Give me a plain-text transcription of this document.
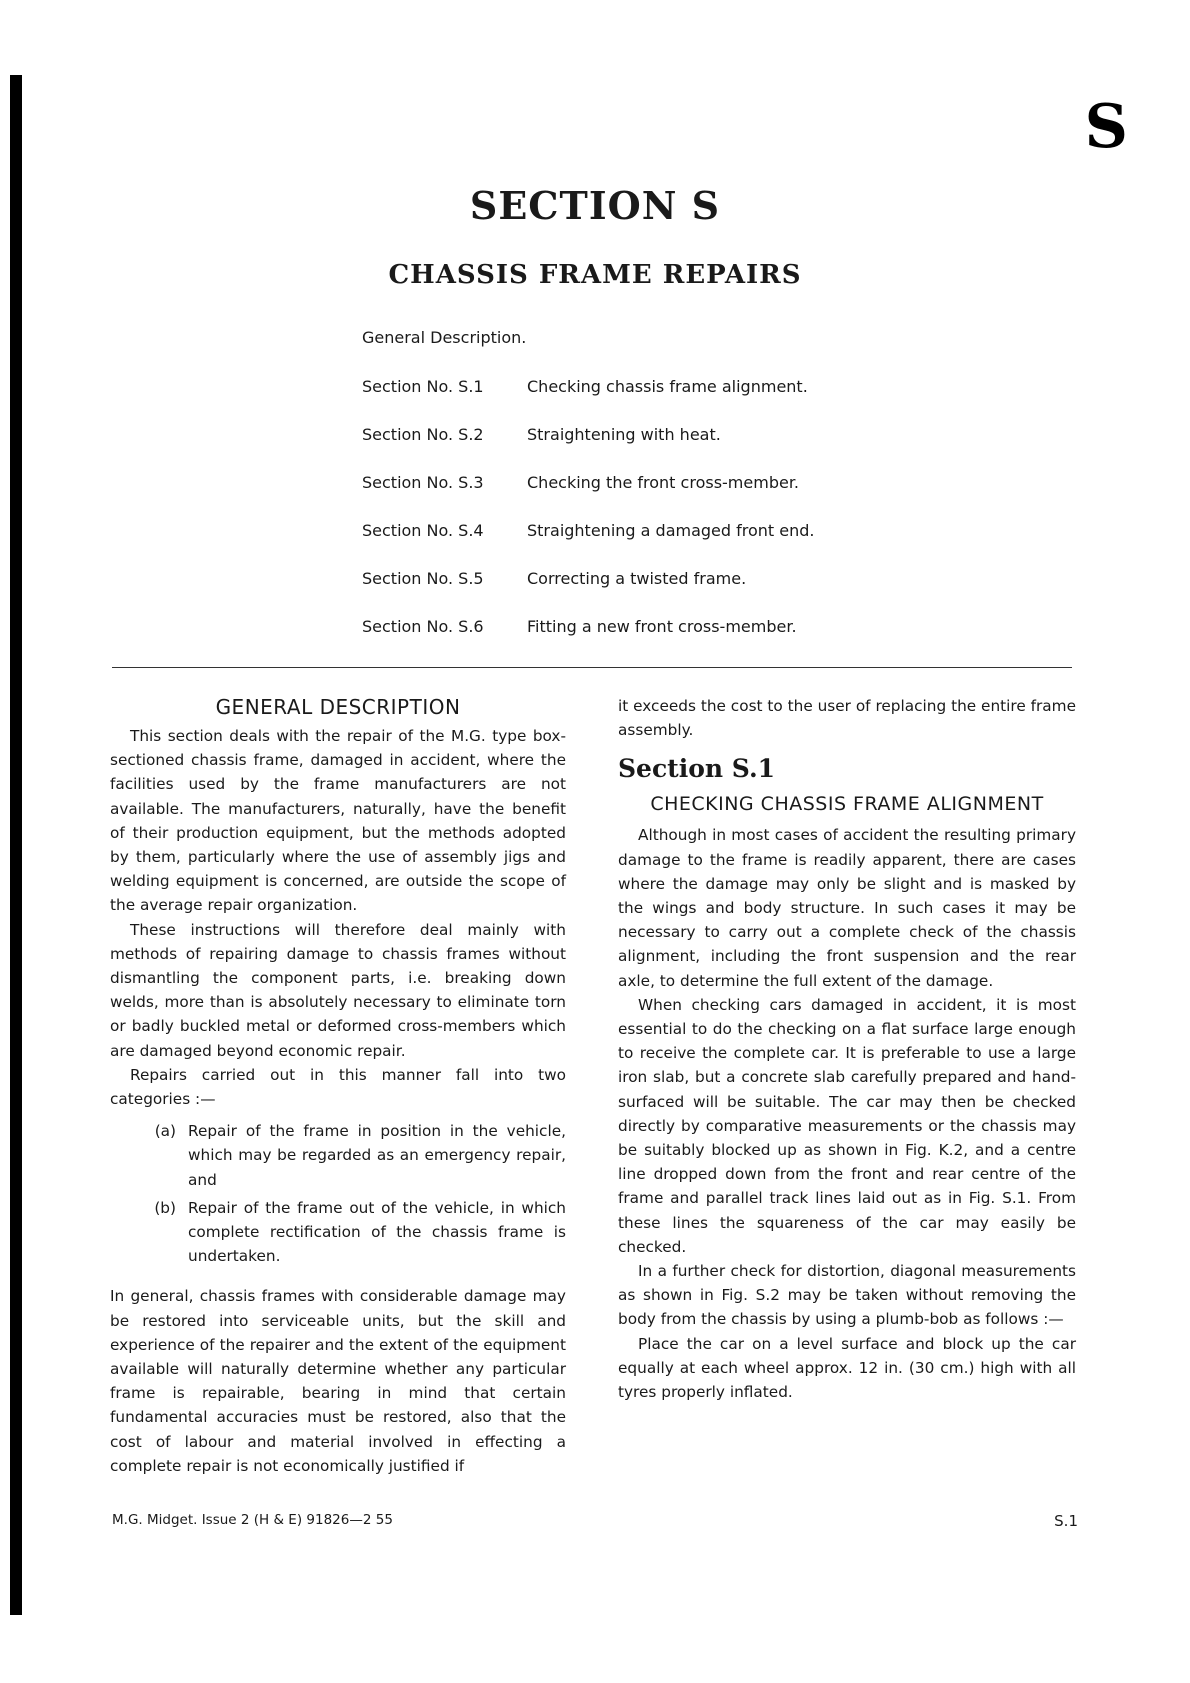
S
SECTION S
CHASSIS FRAME REPAIRS
General Description.
Section No. S.1	Checking chassis frame alignment.
Section No. S.2	Straightening with heat.
Section No. S.3	Checking the front cross-member.
Section No. S.4	Straightening a damaged front end.
Section No. S.5	Correcting a twisted frame.
Section No. S.6	Fitting a new front cross-member.
GENERAL DESCRIPTION

This section deals with the repair of the M.G. type box-sectioned chassis frame, damaged in accident, where the facilities used by the frame manufacturers are not available. The manufacturers, naturally, have the benefit of their production equipment, but the methods adopted by them, particularly where the use of assembly jigs and welding equipment is concerned, are outside the scope of the average repair organization.

These instructions will therefore deal mainly with methods of repairing damage to chassis frames without dismantling the component parts, i.e. breaking down welds, more than is absolutely necessary to eliminate torn or badly buckled metal or deformed cross-members which are damaged beyond economic repair.

Repairs carried out in this manner fall into two categories :—

(a) Repair of the frame in position in the vehicle, which may be regarded as an emergency repair, and
(b) Repair of the frame out of the vehicle, in which complete rectification of the chassis frame is undertaken.

In general, chassis frames with considerable damage may be restored into serviceable units, but the skill and experience of the repairer and the extent of the equipment available will naturally determine whether any particular frame is repairable, bearing in mind that certain fundamental accuracies must be restored, also that the cost of labour and material involved in effecting a complete repair is not economically justified if

it exceeds the cost to the user of replacing the entire frame assembly.

Section S.1
CHECKING CHASSIS FRAME ALIGNMENT

Although in most cases of accident the resulting primary damage to the frame is readily apparent, there are cases where the damage may only be slight and is masked by the wings and body structure. In such cases it may be necessary to carry out a complete check of the chassis alignment, including the front suspension and the rear axle, to determine the full extent of the damage.

When checking cars damaged in accident, it is most essential to do the checking on a flat surface large enough to receive the complete car. It is preferable to use a large iron slab, but a concrete slab carefully prepared and hand-surfaced will be suitable. The car may then be checked directly by comparative measurements or the chassis may be suitably blocked up as shown in Fig. K.2, and a centre line dropped down from the front and rear centre of the frame and parallel track lines laid out as in Fig. S.1. From these lines the squareness of the car may easily be checked.

In a further check for distortion, diagonal measurements as shown in Fig. S.2 may be taken without removing the body from the chassis by using a plumb-bob as follows :—

Place the car on a level surface and block up the car equally at each wheel approx. 12 in. (30 cm.) high with all tyres properly inflated.

M.G. Midget. Issue 2 (H & E) 91826—2 55	S.1
